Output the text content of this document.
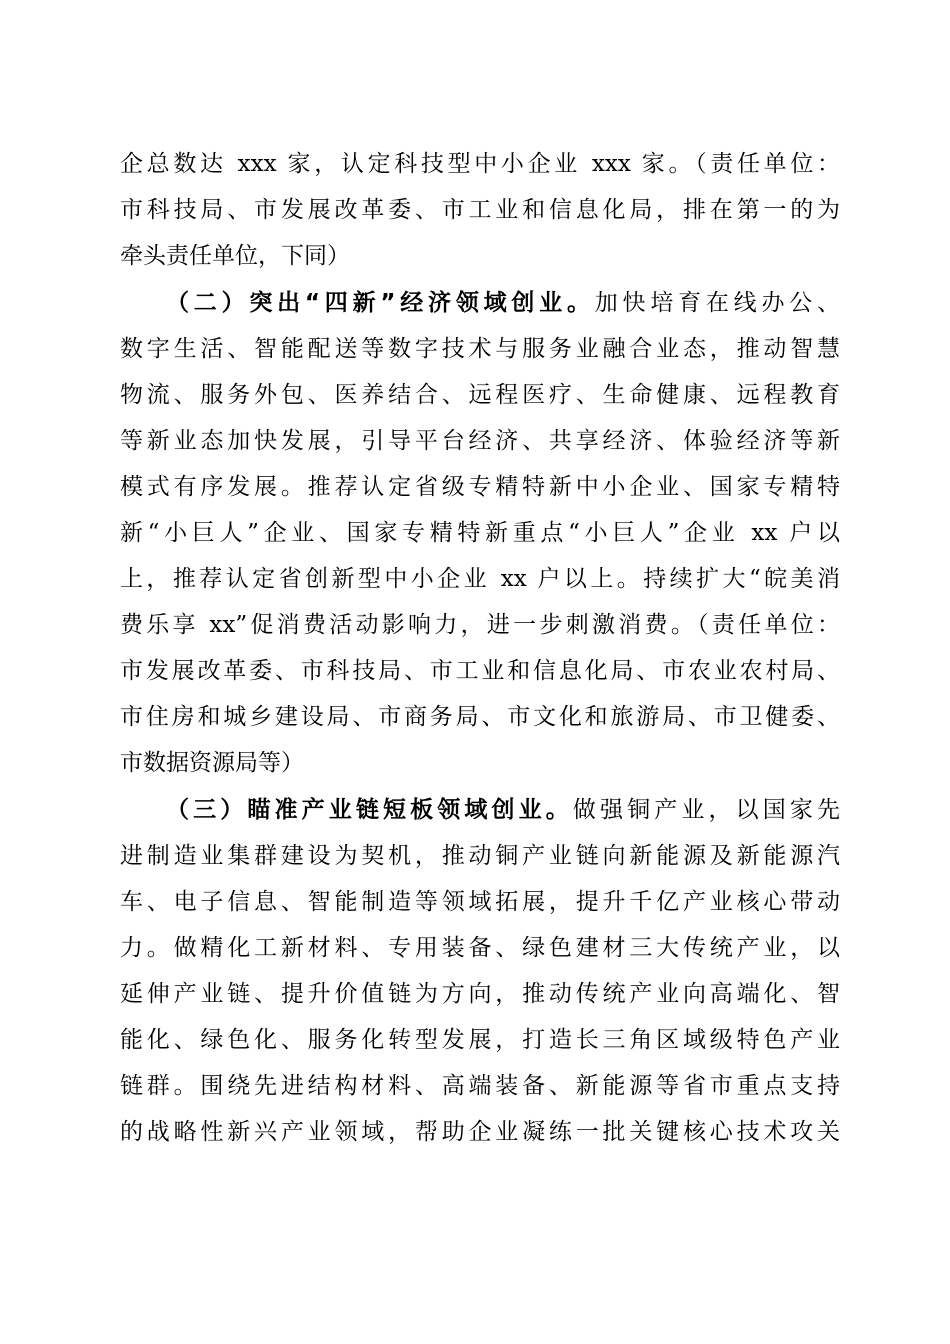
企总数达 xxx 家，认定科技型中小企业 xxx 家。（责任单位：
市科技局、市发展改革委、市工业和信息化局，排在第一的为
牵头责任单位，下同）
（二）突出“四新”经济领域创业。加快培育在线办公、
数字生活、智能配送等数字技术与服务业融合业态，推动智慧
物流、服务外包、医养结合、远程医疗、生命健康、远程教育
等新业态加快发展，引导平台经济、共享经济、体验经济等新
模式有序发展。推荐认定省级专精特新中小企业、国家专精特
新“小巨人”企业、国家专精特新重点“小巨人”企业 xx 户以
上，推荐认定省创新型中小企业 xx 户以上。持续扩大“皖美消
费乐享 xx”促消费活动影响力，进一步刺激消费。（责任单位：
市发展改革委、市科技局、市工业和信息化局、市农业农村局、
市住房和城乡建设局、市商务局、市文化和旅游局、市卫健委、
市数据资源局等）
（三）瞄准产业链短板领域创业。做强铜产业，以国家先
进制造业集群建设为契机，推动铜产业链向新能源及新能源汽
车、电子信息、智能制造等领域拓展，提升千亿产业核心带动
力。做精化工新材料、专用装备、绿色建材三大传统产业，以
延伸产业链、提升价值链为方向，推动传统产业向高端化、智
能化、绿色化、服务化转型发展，打造长三角区域级特色产业
链群。围绕先进结构材料、高端装备、新能源等省市重点支持
的战略性新兴产业领域，帮助企业凝练一批关键核心技术攻关
